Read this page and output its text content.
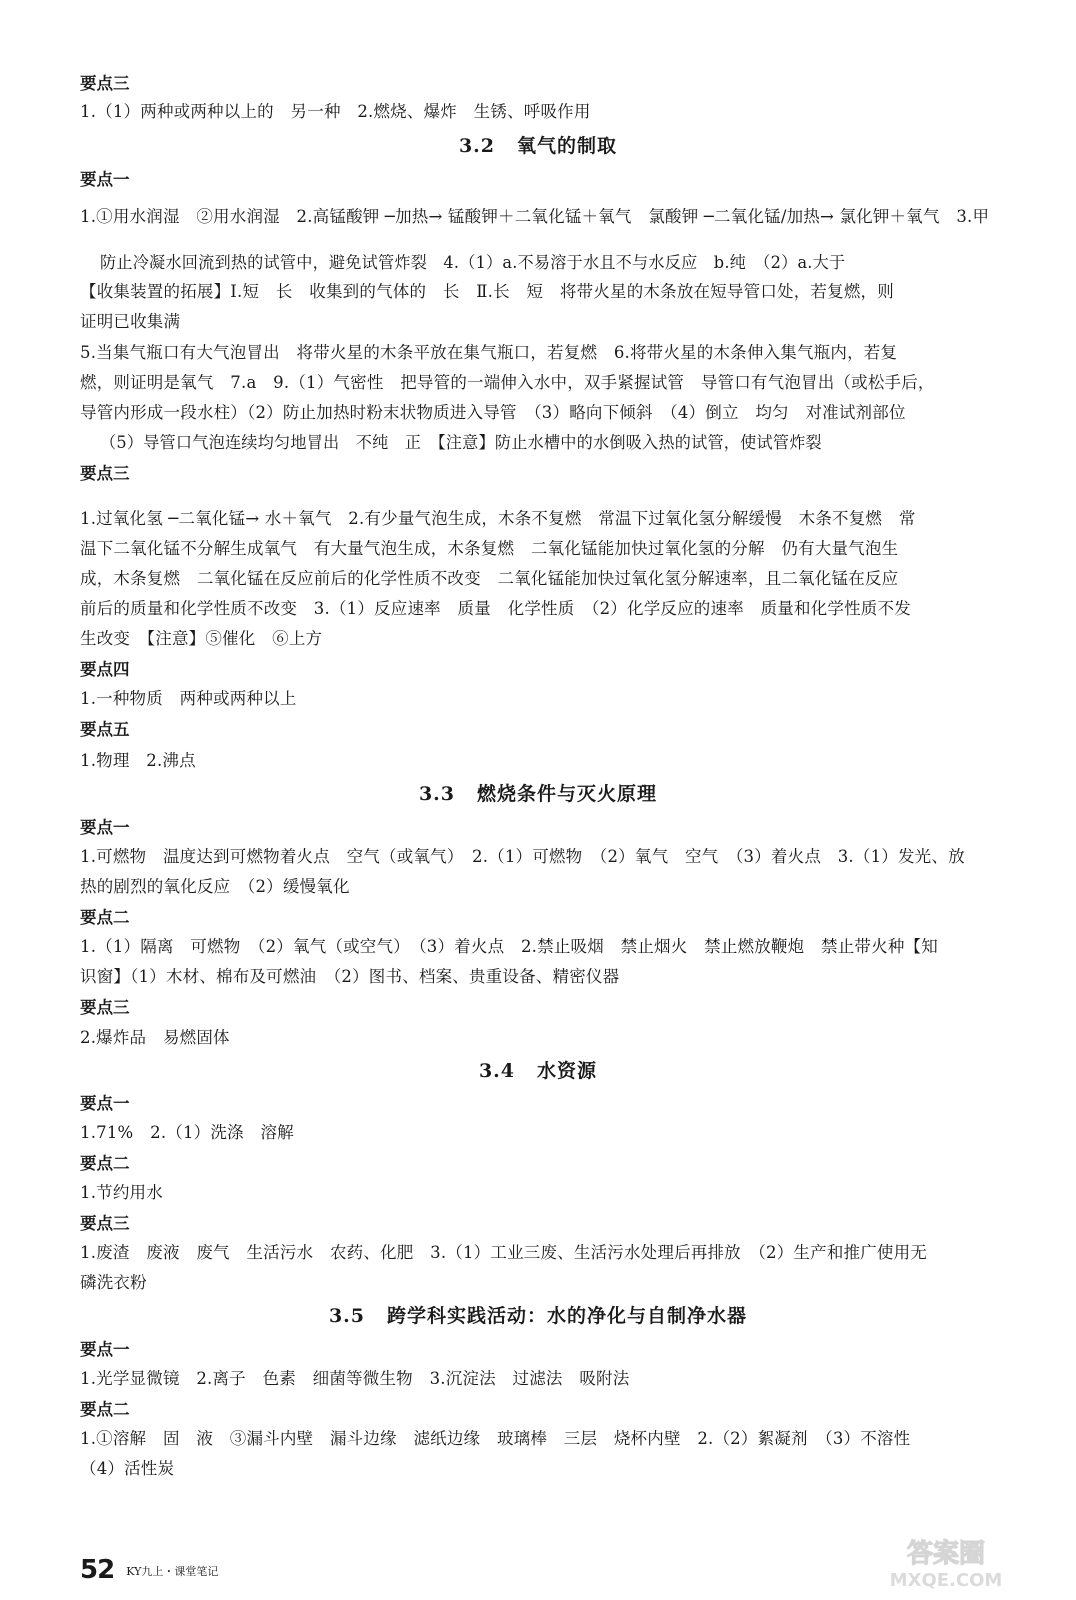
要点三
1.（1）两种或两种以上的　另一种　2.燃烧、爆炸　生锈、呼吸作用
3.2 氧气的制取
要点一
1.①用水润湿　②用水润湿　2.高锰酸钾 ─加热→ 锰酸钾＋二氧化锰＋氧气　氯酸钾 ─二氧化锰/加热→ 氯化钾＋氧气　3.甲
防止冷凝水回流到热的试管中，避免试管炸裂　4.（1）a.不易溶于水且不与水反应　b.纯　（2）a.大于
【收集装置的拓展】Ⅰ.短　长　收集到的气体的　长　Ⅱ.长　短　将带火星的木条放在短导管口处，若复燃，则
证明已收集满
5.当集气瓶口有大气泡冒出　将带火星的木条平放在集气瓶口，若复燃　6.将带火星的木条伸入集气瓶内，若复
燃，则证明是氧气　7.a　9.（1）气密性　把导管的一端伸入水中，双手紧握试管　导管口有气泡冒出（或松手后，
导管内形成一段水柱）（2）防止加热时粉末状物质进入导管　（3）略向下倾斜　（4）倒立　均匀　对准试剂部位
（5）导管口气泡连续均匀地冒出　不纯　正　【注意】防止水槽中的水倒吸入热的试管，使试管炸裂
要点三
1.过氧化氢 ─二氧化锰→ 水＋氧气　2.有少量气泡生成，木条不复燃　常温下过氧化氢分解缓慢　木条不复燃　常
温下二氧化锰不分解生成氧气　有大量气泡生成，木条复燃　二氧化锰能加快过氧化氢的分解　仍有大量气泡生
成，木条复燃　二氧化锰在反应前后的化学性质不改变　二氧化锰能加快过氧化氢分解速率，且二氧化锰在反应
前后的质量和化学性质不改变　3.（1）反应速率　质量　化学性质　（2）化学反应的速率　质量和化学性质不发
生改变　【注意】⑤催化　⑥上方
要点四
1.一种物质　两种或两种以上
要点五
1.物理　2.沸点
3.3 燃烧条件与灭火原理
要点一
1.可燃物　温度达到可燃物着火点　空气（或氧气）　2.（1）可燃物　（2）氧气　空气　（3）着火点　3.（1）发光、放
热的剧烈的氧化反应　（2）缓慢氧化
要点二
1.（1）隔离　可燃物　（2）氧气（或空气）　（3）着火点　2.禁止吸烟　禁止烟火　禁止燃放鞭炮　禁止带火种【知
识窗】（1）木材、棉布及可燃油　（2）图书、档案、贵重设备、精密仪器
要点三
2.爆炸品　易燃固体
3.4 水资源
要点一
1.71%　2.（1）洗涤　溶解
要点二
1.节约用水
要点三
1.废渣　废液　废气　生活污水　农药、化肥　3.（1）工业三废、生活污水处理后再排放　（2）生产和推广使用无
磷洗衣粉
3.5 跨学科实践活动：水的净化与自制净水器
要点一
1.光学显微镜　2.离子　色素　细菌等微生物　3.沉淀法　过滤法　吸附法
要点二
1.①溶解　固　液　③漏斗内壁　漏斗边缘　滤纸边缘　玻璃棒　三层　烧杯内壁　2.（2）絮凝剂　（3）不溶性
（4）活性炭
52 KY九上・课堂笔记
答案圈
MXQE.COM
